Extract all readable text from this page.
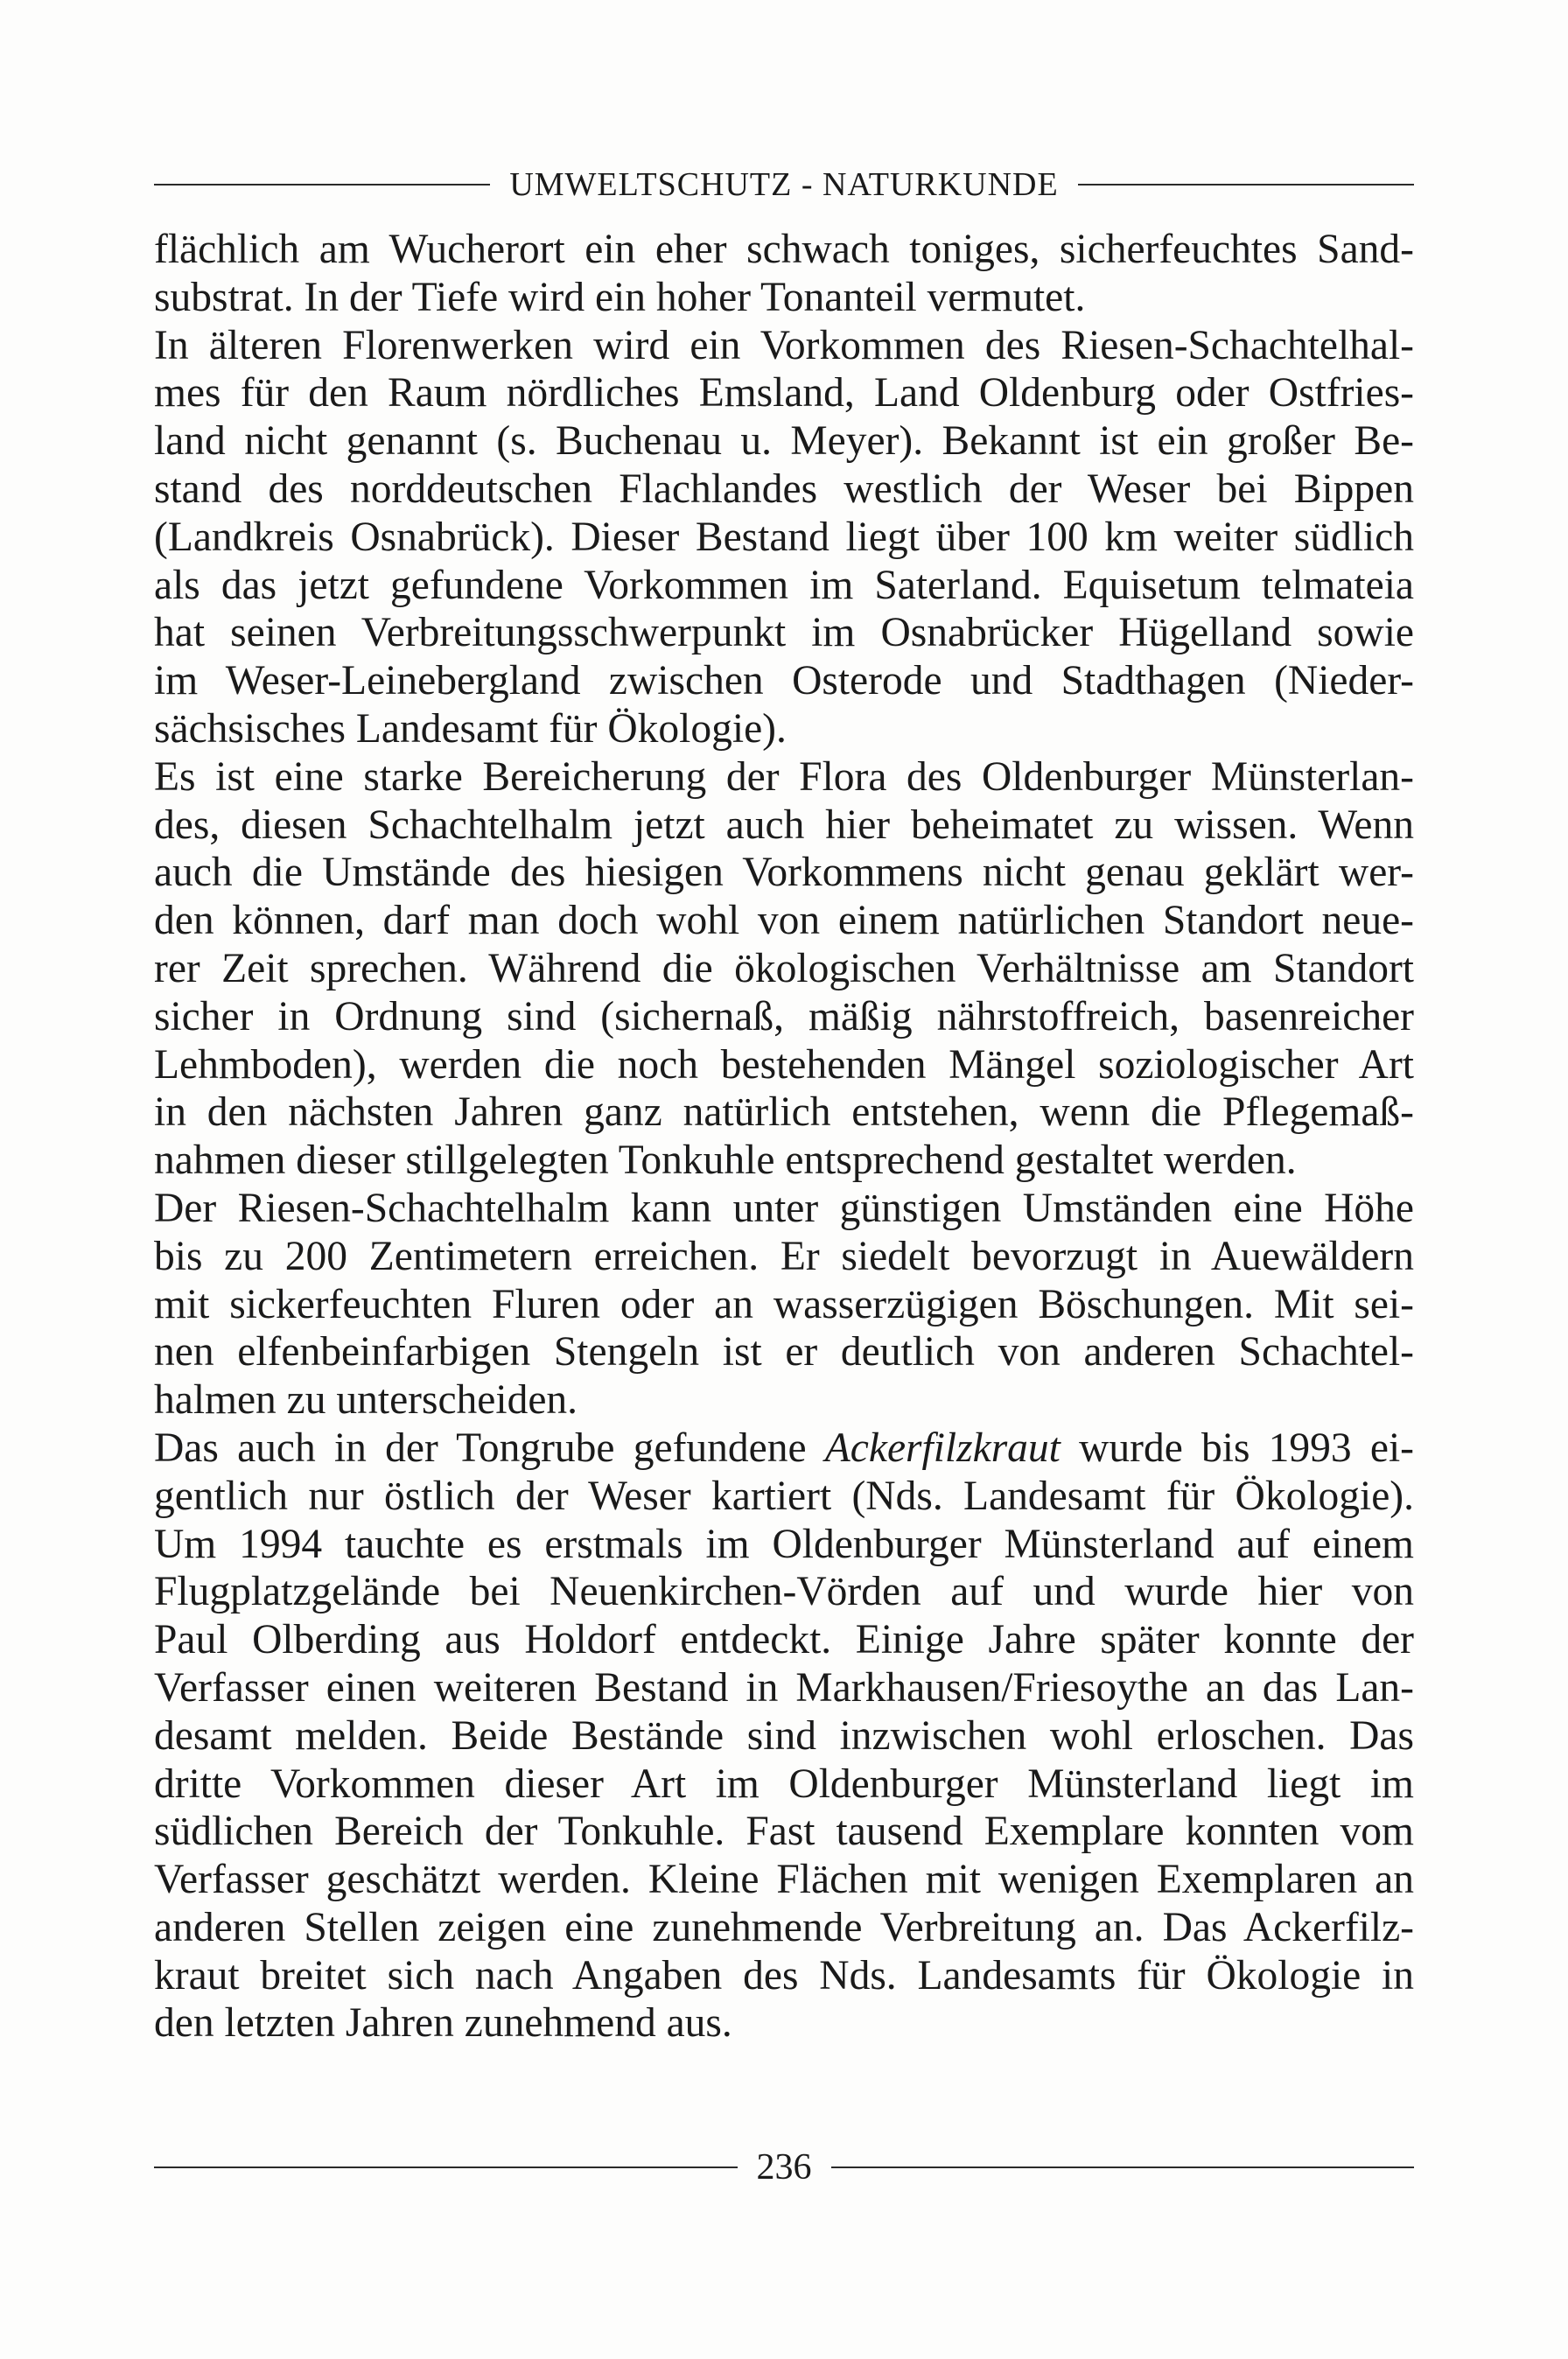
UMWELTSCHUTZ - NATURKUNDE
flächlich am Wucherort ein eher schwach toniges, sicherfeuchtes Sand-
substrat. In der Tiefe wird ein hoher Tonanteil vermutet.
In älteren Florenwerken wird ein Vorkommen des Riesen-Schachtelhal-
mes für den Raum nördliches Emsland, Land Oldenburg oder Ostfries-
land nicht genannt (s. Buchenau u. Meyer). Bekannt ist ein großer Be-
stand des norddeutschen Flachlandes westlich der Weser bei Bippen
(Landkreis Osnabrück). Dieser Bestand liegt über 100 km weiter südlich
als das jetzt gefundene Vorkommen im Saterland. Equisetum telmateia
hat seinen Verbreitungsschwerpunkt im Osnabrücker Hügelland sowie
im Weser-Leinebergland zwischen Osterode und Stadthagen (Nieder-
sächsisches Landesamt für Ökologie).
Es ist eine starke Bereicherung der Flora des Oldenburger Münsterlan-
des, diesen Schachtelhalm jetzt auch hier beheimatet zu wissen. Wenn
auch die Umstände des hiesigen Vorkommens nicht genau geklärt wer-
den können, darf man doch wohl von einem natürlichen Standort neue-
rer Zeit sprechen. Während die ökologischen Verhältnisse am Standort
sicher in Ordnung sind (sichernaß, mäßig nährstoffreich, basenreicher
Lehmboden), werden die noch bestehenden Mängel soziologischer Art
in den nächsten Jahren ganz natürlich entstehen, wenn die Pflegemaß-
nahmen dieser stillgelegten Tonkuhle entsprechend gestaltet werden.
Der Riesen-Schachtelhalm kann unter günstigen Umständen eine Höhe
bis zu 200 Zentimetern erreichen. Er siedelt bevorzugt in Auewäldern
mit sickerfeuchten Fluren oder an wasserzügigen Böschungen. Mit sei-
nen elfenbeinfarbigen Stengeln ist er deutlich von anderen Schachtel-
halmen zu unterscheiden.
Das auch in der Tongrube gefundene Ackerfilzkraut wurde bis 1993 ei-
gentlich nur östlich der Weser kartiert (Nds. Landesamt für Ökologie).
Um 1994 tauchte es erstmals im Oldenburger Münsterland auf einem
Flugplatzgelände bei Neuenkirchen-Vörden auf und wurde hier von
Paul Olberding aus Holdorf entdeckt. Einige Jahre später konnte der
Verfasser einen weiteren Bestand in Markhausen/Friesoythe an das Lan-
desamt melden. Beide Bestände sind inzwischen wohl erloschen. Das
dritte Vorkommen dieser Art im Oldenburger Münsterland liegt im
südlichen Bereich der Tonkuhle. Fast tausend Exemplare konnten vom
Verfasser geschätzt werden. Kleine Flächen mit wenigen Exemplaren an
anderen Stellen zeigen eine zunehmende Verbreitung an. Das Ackerfilz-
kraut breitet sich nach Angaben des Nds. Landesamts für Ökologie in
den letzten Jahren zunehmend aus.
236
